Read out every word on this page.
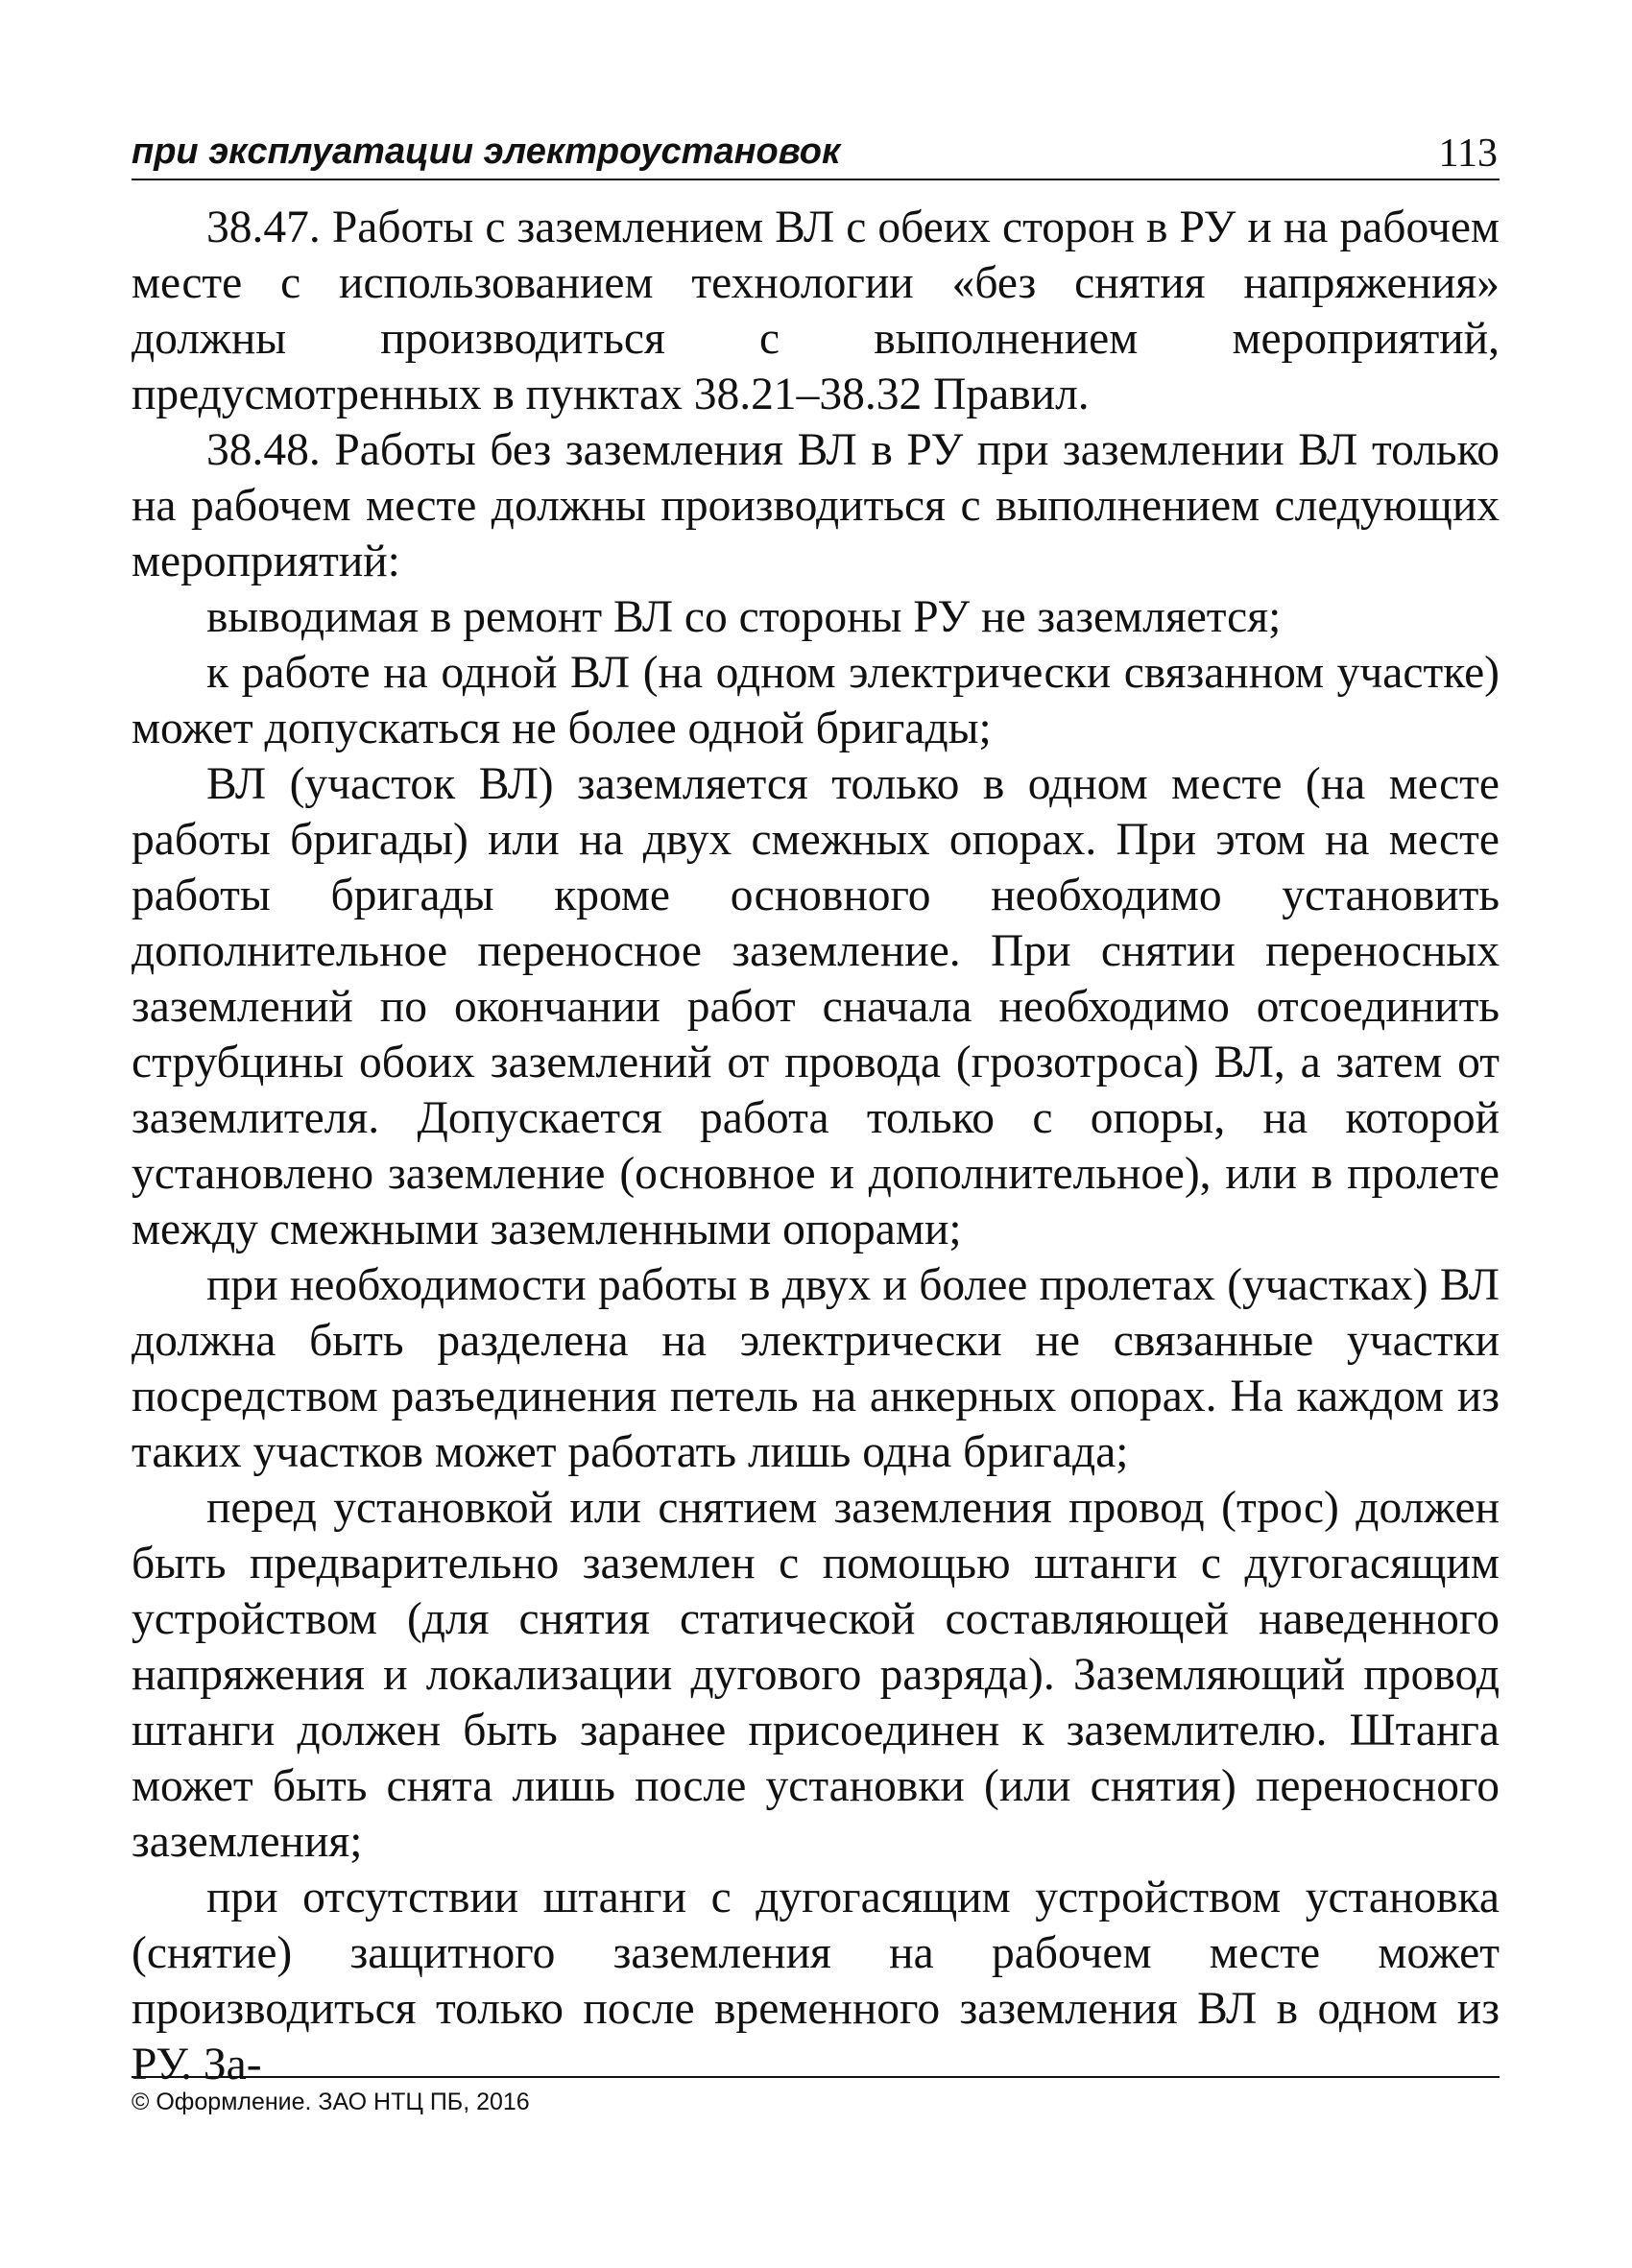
при эксплуатации электроустановок	113

38.47. Работы с заземлением ВЛ с обеих сторон в РУ и на рабочем месте с использованием технологии «без снятия напряжения» должны производиться с выполнением мероприятий, предусмотренных в пунктах 38.21–38.32 Правил.

38.48. Работы без заземления ВЛ в РУ при заземлении ВЛ только на рабочем месте должны производиться с выполнением следующих мероприятий:

выводимая в ремонт ВЛ со стороны РУ не заземляется;

к работе на одной ВЛ (на одном электрически связанном участке) может допускаться не более одной бригады;

ВЛ (участок ВЛ) заземляется только в одном месте (на месте работы бригады) или на двух смежных опорах. При этом на месте работы бригады кроме основного необходимо установить дополнительное переносное заземление. При снятии переносных заземлений по окончании работ сначала необходимо отсоединить струбцины обоих заземлений от провода (грозотроса) ВЛ, а затем от заземлителя. Допускается работа только с опоры, на которой установлено заземление (основное и дополнительное), или в пролете между смежными заземленными опорами;

при необходимости работы в двух и более пролетах (участках) ВЛ должна быть разделена на электрически не связанные участки посредством разъединения петель на анкерных опорах. На каждом из таких участков может работать лишь одна бригада;

перед установкой или снятием заземления провод (трос) должен быть предварительно заземлен с помощью штанги с дугогасящим устройством (для снятия статической составляющей наведенного напряжения и локализации дугового разряда). Заземляющий провод штанги должен быть заранее присоединен к заземлителю. Штанга может быть снята лишь после установки (или снятия) переносного заземления;

при отсутствии штанги с дугогасящим устройством установка (снятие) защитного заземления на рабочем месте может производиться только после временного заземления ВЛ в одном из РУ. За-

© Оформление. ЗАО НТЦ ПБ, 2016
